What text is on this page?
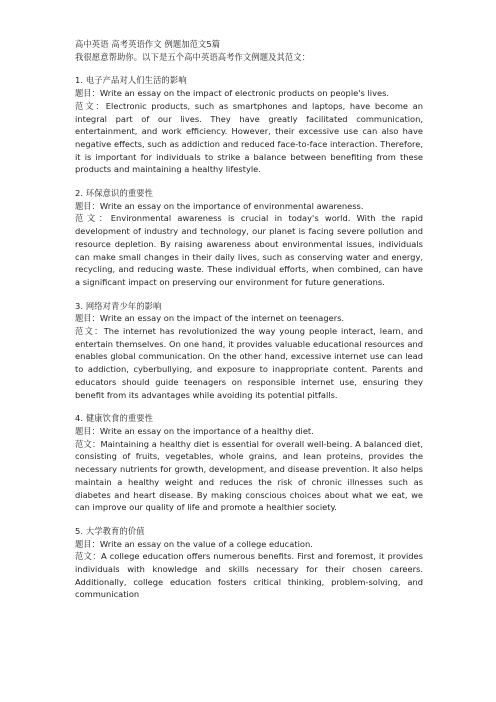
高中英语 高考英语作文 例题加范文5篇

我很愿意帮助你。以下是五个高中英语高考作文例题及其范文：

1. 电子产品对人们生活的影响

题目：Write an essay on the impact of electronic products on people's lives.

范文：Electronic products, such as smartphones and laptops, have become an integral part of our lives. They have greatly facilitated communication, entertainment, and work efficiency. However, their excessive use can also have negative effects, such as addiction and reduced face-to-face interaction. Therefore, it is important for individuals to strike a balance between benefiting from these products and maintaining a healthy lifestyle.

2. 环保意识的重要性

题目：Write an essay on the importance of environmental awareness.

范文：Environmental awareness is crucial in today's world. With the rapid development of industry and technology, our planet is facing severe pollution and resource depletion. By raising awareness about environmental issues, individuals can make small changes in their daily lives, such as conserving water and energy, recycling, and reducing waste. These individual efforts, when combined, can have a significant impact on preserving our environment for future generations.

3. 网络对青少年的影响

题目：Write an essay on the impact of the internet on teenagers.

范文：The internet has revolutionized the way young people interact, learn, and entertain themselves. On one hand, it provides valuable educational resources and enables global communication. On the other hand, excessive internet use can lead to addiction, cyberbullying, and exposure to inappropriate content. Parents and educators should guide teenagers on responsible internet use, ensuring they benefit from its advantages while avoiding its potential pitfalls.

4. 健康饮食的重要性

题目：Write an essay on the importance of a healthy diet.

范文：Maintaining a healthy diet is essential for overall well-being. A balanced diet, consisting of fruits, vegetables, whole grains, and lean proteins, provides the necessary nutrients for growth, development, and disease prevention. It also helps maintain a healthy weight and reduces the risk of chronic illnesses such as diabetes and heart disease. By making conscious choices about what we eat, we can improve our quality of life and promote a healthier society.

5. 大学教育的价值

题目：Write an essay on the value of a college education.

范文：A college education offers numerous benefits. First and foremost, it provides individuals with knowledge and skills necessary for their chosen careers. Additionally, college education fosters critical thinking, problem-solving, and communication
